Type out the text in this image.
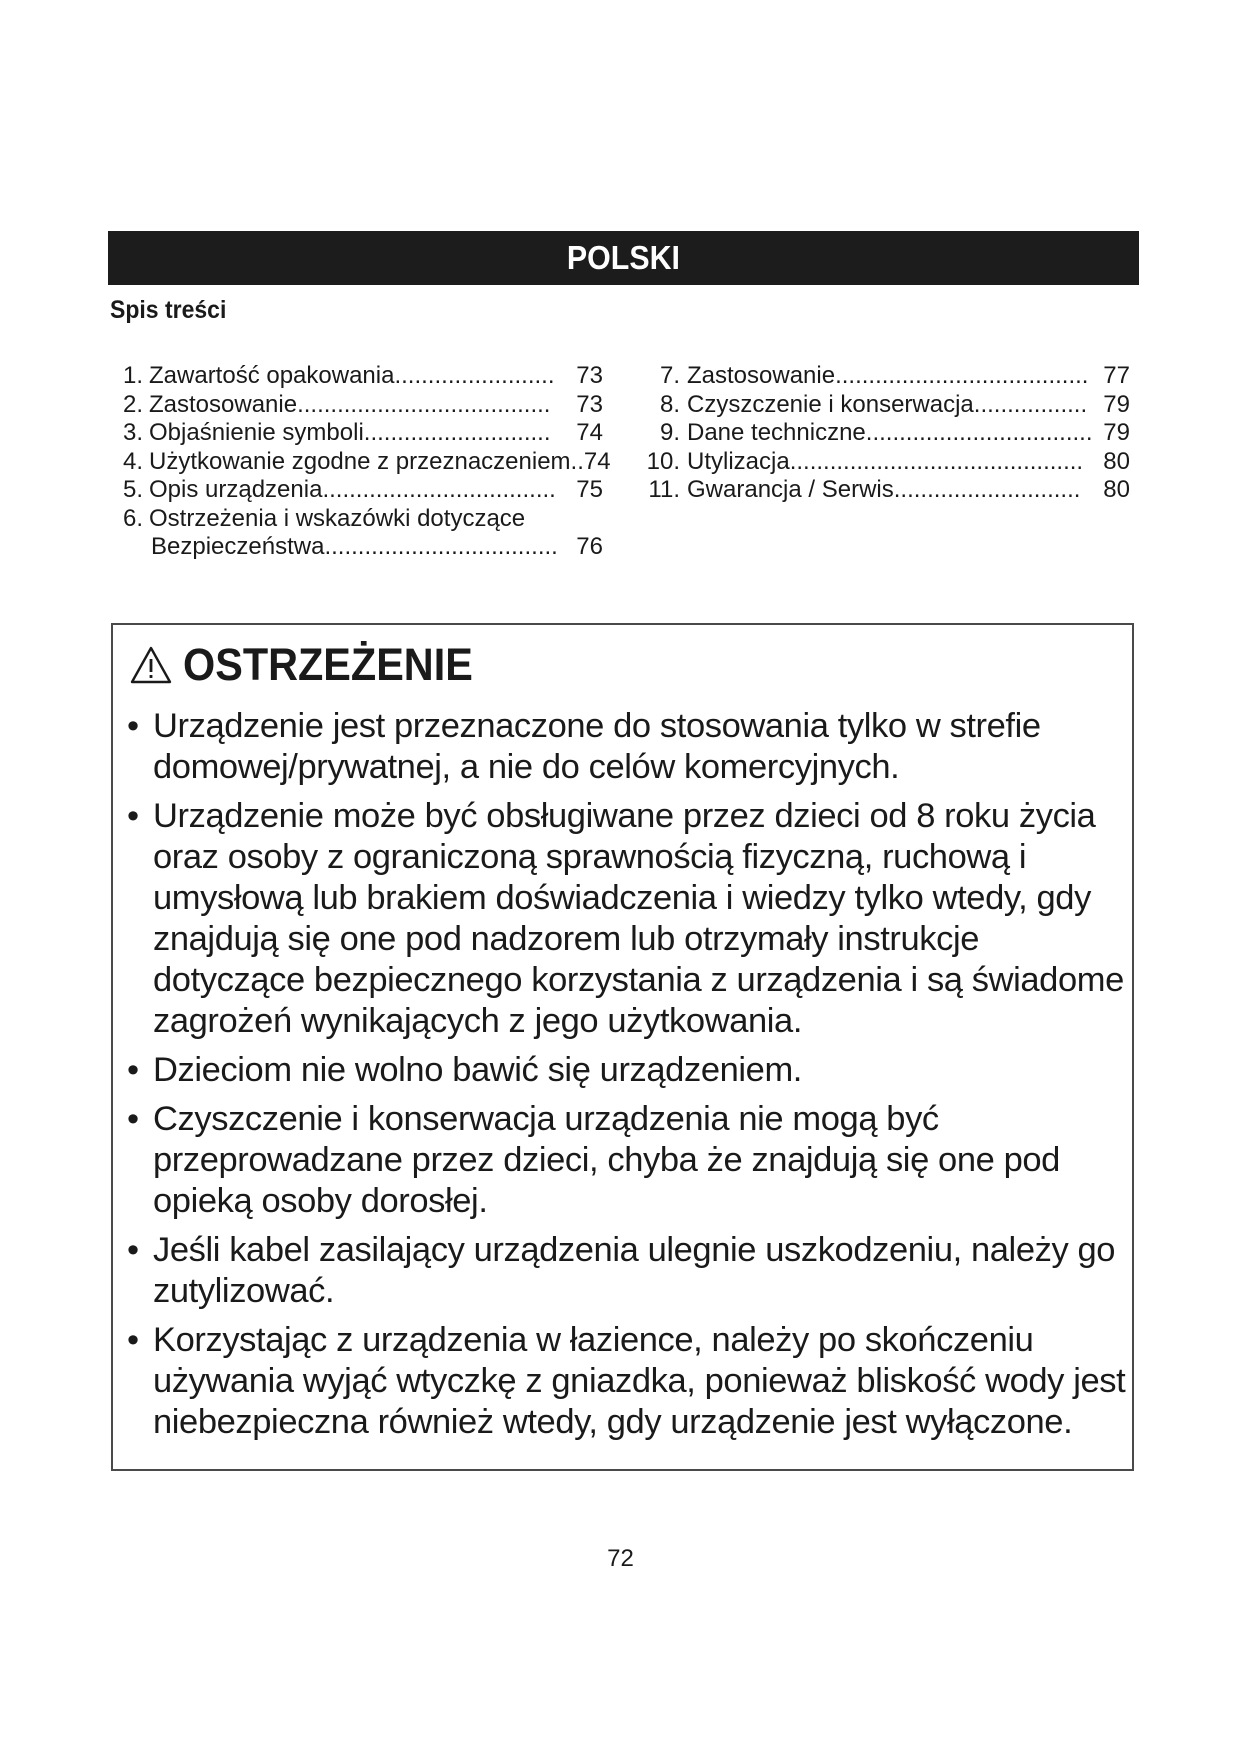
POLSKI
Spis treści
1. Zawartość opakowania ........................ 73
2. Zastosowanie ......................................	73
3. Objaśnienie symboli ............................	74
4. Użytkowanie zgodne z przeznaczeniem. . 74
5. Opis urządzenia ................................... 75
6. Ostrzeżenia i wskazówki dotyczące
Bezpieczeństwa ................................... 76
7. Zastosowanie ...................................... 77
8. Czyszczenie i konserwacja ................. 79
9. Dane techniczne .................................. 79
10. Utylizacja ............................................ 80
11. Gwarancja / Serwis ............................ 80
OSTRZEŻENIE
• Urządzenie jest przeznaczone do stosowania tylko w strefie domowej/prywatnej, a nie do celów komercyjnych.
• Urządzenie może być obsługiwane przez dzieci od 8 roku życia oraz osoby z ograniczoną sprawnością fizyczną, ruchową i umysłową lub brakiem doświadczenia i wiedzy tylko wtedy, gdy znajdują się one pod nadzorem lub otrzymały instrukcje dotyczące bezpiecznego korzystania z urządzenia i są świadome zagrożeń wynikających z jego użytkowania.
• Dzieciom nie wolno bawić się urządzeniem.
• Czyszczenie i konserwacja urządzenia nie mogą być przeprowadzane przez dzieci, chyba że znajdują się one pod opieką osoby dorosłej.
• Jeśli kabel zasilający urządzenia ulegnie uszkodzeniu, należy go zutylizować.
• Korzystając z urządzenia w łazience, należy po skończeniu używania wyjąć wtyczkę z gniazdka, ponieważ bliskość wody jest niebezpieczna również wtedy, gdy urządzenie jest wyłączone.
72
